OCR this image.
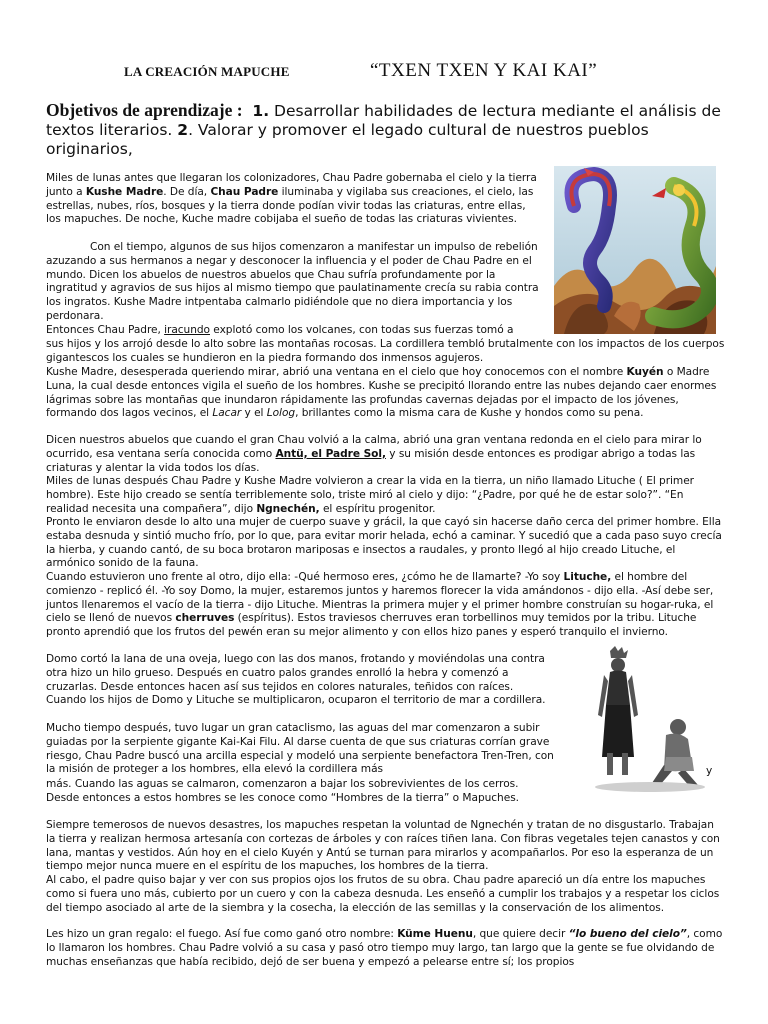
LA CREACIÓN MAPUCHE	“TXEN TXEN Y KAI KAI”
Objetivos de aprendizaje : 1. Desarrollar habilidades de lectura mediante el análisis de textos literarios. 2. Valorar y promover el legado cultural de nuestros pueblos originarios,

Miles de lunas antes que llegaran los colonizadores, Chau Padre gobernaba el cielo y la tierra junto a Kushe Madre. De día, Chau Padre iluminaba y vigilaba sus creaciones, el cielo, las estrellas, nubes, ríos, bosques y la tierra donde podían vivir todas las criaturas, entre ellas, los mapuches. De noche, Kuche madre cobijaba el sueño de todas las criaturas vivientes.

Con el tiempo, algunos de sus hijos comenzaron a manifestar un impulso de rebelión azuzando a sus hermanos a negar y desconocer la influencia y el poder de Chau Padre en el mundo. Dicen los abuelos de nuestros abuelos que Chau sufría profundamente por la ingratitud y agravios de sus hijos al mismo tiempo que paulatinamente crecía su rabia contra los ingratos. Kushe Madre intpentaba calmarlo pidiéndole que no diera importancia y los perdonara.

Entonces Chau Padre, iracundo explotó como los volcanes, con todas sus fuerzas tomó a

sus hijos y los arrojó desde lo alto sobre las montañas rocosas. La cordillera tembló brutalmente con los impactos de los cuerpos gigantescos los cuales se hundieron en la piedra formando dos inmensos agujeros.

Kushe Madre, desesperada queriendo mirar, abrió una ventana en el cielo que hoy conocemos con el nombre Kuyén o Madre Luna, la cual desde entonces vigila el sueño de los hombres. Kushe se precipitó llorando entre las nubes dejando caer enormes lágrimas sobre las montañas que inundaron rápidamente las profundas cavernas dejadas por el impacto de los jóvenes, formando dos lagos vecinos, el Lacar y el Lolog, brillantes como la misma cara de Kushe y hondos como su pena.

Dicen nuestros abuelos que cuando el gran Chau volvió a la calma, abrió una gran ventana redonda en el cielo para mirar lo ocurrido, esa ventana sería conocida como Antü, el Padre Sol, y su misión desde entonces es prodigar abrigo a todas las criaturas y alentar la vida todos los días.

Miles de lunas después Chau Padre y Kushe Madre volvieron a crear la vida en la tierra, un niño llamado Lituche ( El primer hombre). Este hijo creado se sentía terriblemente solo, triste miró al cielo y dijo: “¿Padre, por qué he de estar solo?”. “En realidad necesita una compañera”, dijo Ngnechén, el espíritu progenitor.

Pronto le enviaron desde lo alto una mujer de cuerpo suave y grácil, la que cayó sin hacerse daño cerca del primer hombre. Ella estaba desnuda y sintió mucho frío, por lo que, para evitar morir helada, echó a caminar. Y sucedió que a cada paso suyo crecía la hierba, y cuando cantó, de su boca brotaron mariposas e insectos a raudales, y pronto llegó al hijo creado Lituche, el armónico sonido de la fauna.

Cuando estuvieron uno frente al otro, dijo ella: -Qué hermoso eres, ¿cómo he de llamarte? -Yo soy Lituche, el hombre del comienzo - replicó él. -Yo soy Domo, la mujer, estaremos juntos y haremos florecer la vida amándonos - dijo ella. -Así debe ser, juntos llenaremos el vacío de la tierra - dijo Lituche. Mientras la primera mujer y el primer hombre construían su hogar-ruka, el cielo se llenó de nuevos cherruves (espíritus). Estos traviesos cherruves eran torbellinos muy temidos por la tribu. Lituche pronto aprendió que los frutos del pewén eran su mejor alimento y con ellos hizo panes y esperó tranquilo el invierno.

Domo cortó la lana de una oveja, luego con las dos manos, frotando y moviéndolas una contra otra hizo un hilo grueso. Después en cuatro palos grandes enrolló la hebra y comenzó a cruzarlas. Desde entonces hacen así sus tejidos en colores naturales, teñidos con raíces. Cuando los hijos de Domo y Lituche se multiplicaron, ocuparon el territorio de mar a cordillera.

Mucho tiempo después, tuvo lugar un gran cataclismo, las aguas del mar comenzaron a subir guiadas por la serpiente gigante Kai-Kai Filu. Al darse cuenta de que sus criaturas corrían grave riesgo, Chau Padre buscó una arcilla especial y modeló una serpiente benefactora Tren-Tren, con la misión de proteger a los hombres, ella elevó la cordillera más	y

más. Cuando las aguas se calmaron, comenzaron a bajar los sobrevivientes de los cerros.

Desde entonces a estos hombres se les conoce como “Hombres de la tierra” o Mapuches.

Siempre temerosos de nuevos desastres, los mapuches respetan la voluntad de Ngnechén y tratan de no disgustarlo. Trabajan la tierra y realizan hermosa artesanía con cortezas de árboles y con raíces tiñen lana. Con fibras vegetales tejen canastos y con lana, mantas y vestidos. Aún hoy en el cielo Kuyén y Antú se turnan para mirarlos y acompañarlos. Por eso la esperanza de un tiempo mejor nunca muere en el espíritu de los mapuches, los hombres de la tierra.

Al cabo, el padre quiso bajar y ver con sus propios ojos los frutos de su obra. Chau padre apareció un día entre los mapuches como si fuera uno más, cubierto por un cuero y con la cabeza desnuda. Les enseñó a cumplir los trabajos y a respetar los ciclos del tiempo asociado al arte de la siembra y la cosecha, la elección de las semillas y la conservación de los alimentos.

Les hizo un gran regalo: el fuego. Así fue como ganó otro nombre: Küme Huenu, que quiere decir “lo bueno del cielo”, como lo llamaron los hombres. Chau Padre volvió a su casa y pasó otro tiempo muy largo, tan largo que la gente se fue olvidando de muchas enseñanzas que había recibido, dejó de ser buena y empezó a pelearse entre sí; los propios
